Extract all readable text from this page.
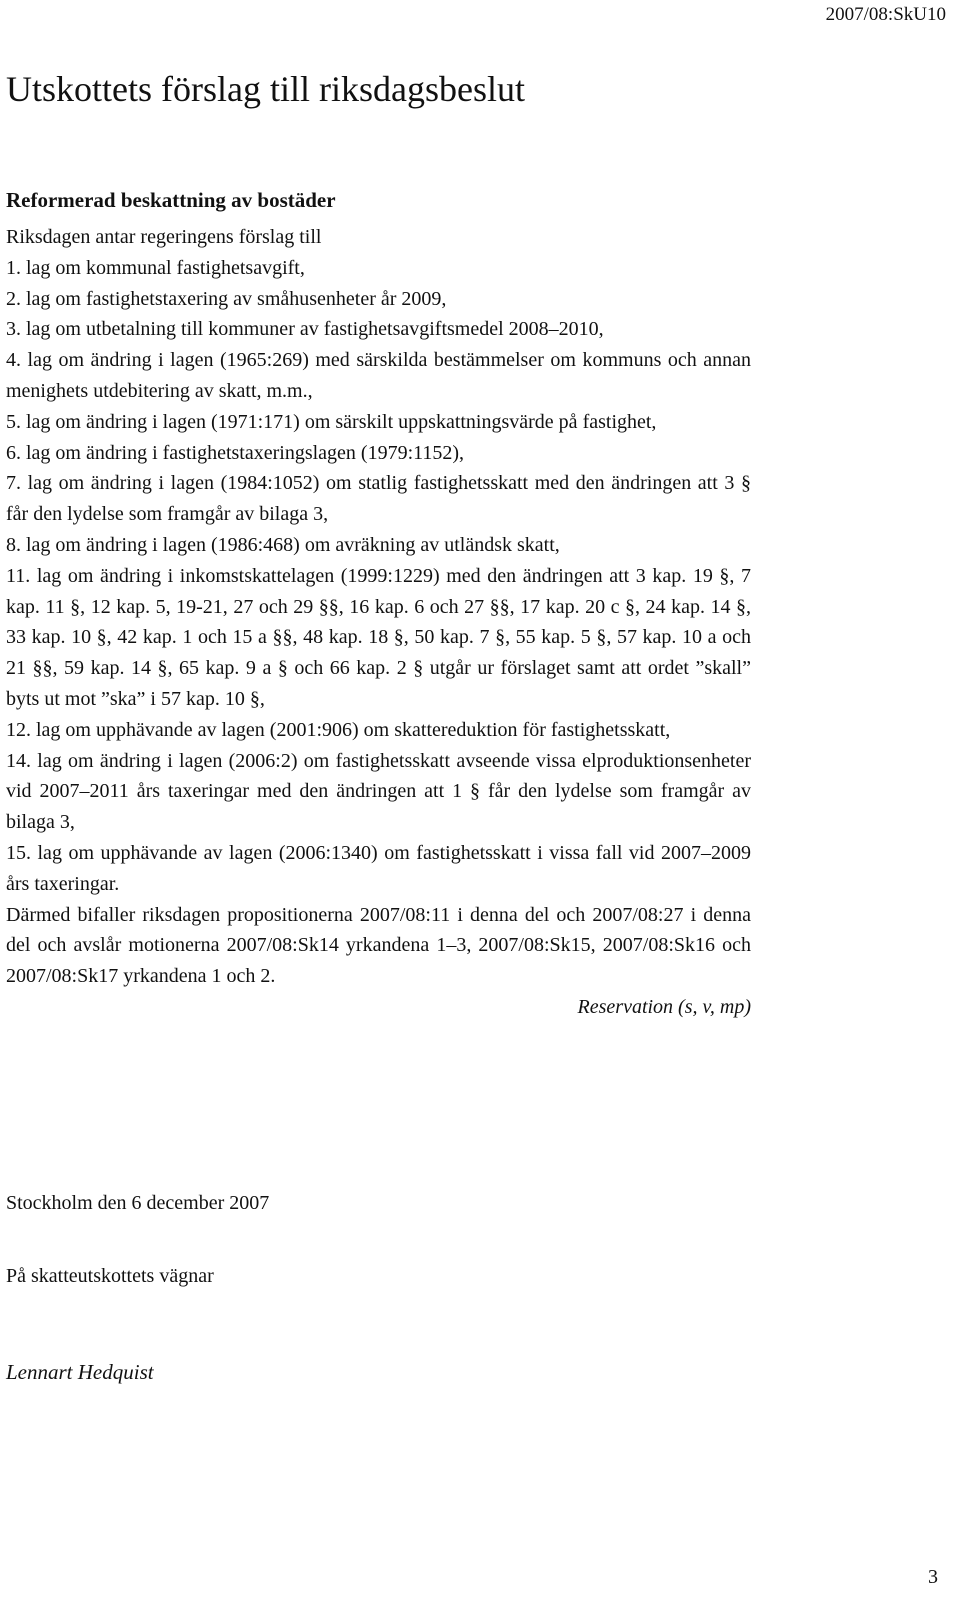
2007/08:SkU10
Utskottets förslag till riksdagsbeslut
Reformerad beskattning av bostäder

Riksdagen antar regeringens förslag till

1. lag om kommunal fastighetsavgift,

2. lag om fastighetstaxering av småhusenheter år 2009,

3. lag om utbetalning till kommuner av fastighetsavgiftsmedel 2008–2010,

4. lag om ändring i lagen (1965:269) med särskilda bestämmelser om kommuns och annan menighets utdebitering av skatt, m.m.,

5. lag om ändring i lagen (1971:171) om särskilt uppskattningsvärde på fastighet,

6. lag om ändring i fastighetstaxeringslagen (1979:1152),

7. lag om ändring i lagen (1984:1052) om statlig fastighetsskatt med den ändringen att 3 § får den lydelse som framgår av bilaga 3,

8. lag om ändring i lagen (1986:468) om avräkning av utländsk skatt,

11. lag om ändring i inkomstskattelagen (1999:1229) med den ändringen att 3 kap. 19 §, 7 kap. 11 §, 12 kap. 5, 19-21, 27 och 29 §§, 16 kap. 6 och 27 §§, 17 kap. 20 c §, 24 kap. 14 §, 33 kap. 10 §, 42 kap. 1 och 15 a §§, 48 kap. 18 §, 50 kap. 7 §, 55 kap. 5 §, 57 kap. 10 a och 21 §§, 59 kap. 14 §, 65 kap. 9 a § och 66 kap. 2 § utgår ur förslaget samt att ordet ”skall” byts ut mot ”ska” i 57 kap. 10 §,

12. lag om upphävande av lagen (2001:906) om skattereduktion för fastighetsskatt,

14. lag om ändring i lagen (2006:2) om fastighetsskatt avseende vissa elproduktionsenheter vid 2007–2011 års taxeringar med den ändringen att 1 § får den lydelse som framgår av bilaga 3,

15. lag om upphävande av lagen (2006:1340) om fastighetsskatt i vissa fall vid 2007–2009 års taxeringar.

Därmed bifaller riksdagen propositionerna 2007/08:11 i denna del och 2007/08:27 i denna del och avslår motionerna 2007/08:Sk14 yrkandena 1–3, 2007/08:Sk15, 2007/08:Sk16 och 2007/08:Sk17 yrkandena 1 och 2.

Reservation (s, v, mp)

Stockholm den 6 december 2007
På skatteutskottets vägnar
Lennart Hedquist
3
